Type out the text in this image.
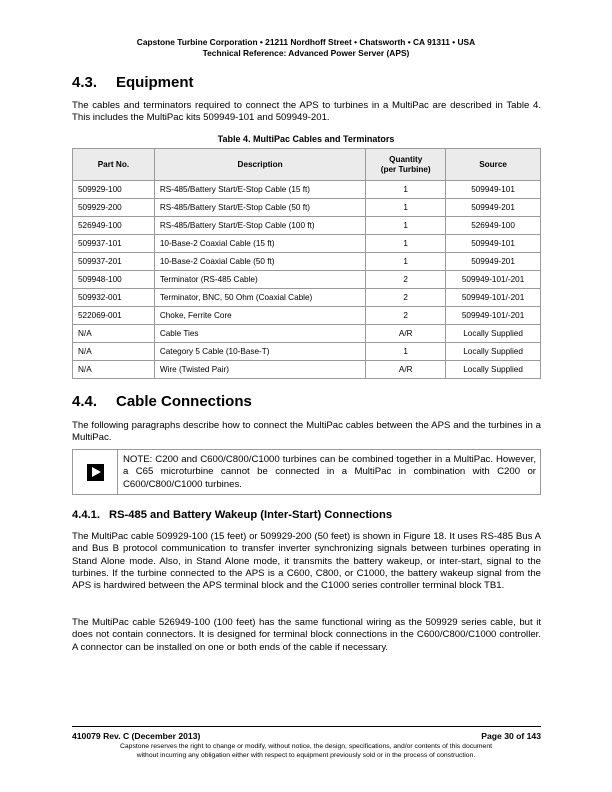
Capstone Turbine Corporation • 21211 Nordhoff Street • Chatsworth • CA 91311 • USA
Technical Reference: Advanced Power Server (APS)
4.3. Equipment

The cables and terminators required to connect the APS to turbines in a MultiPac are described in Table 4. This includes the MultiPac kits 509949-101 and 509949-201.

Table 4. MultiPac Cables and Terminators
Part No.	Description	Quantity
(per Turbine)	Source
509929-100	RS-485/Battery Start/E-Stop Cable (15 ft)	1	509949-101
509929-200	RS-485/Battery Start/E-Stop Cable (50 ft)	1	509949-201
526949-100	RS-485/Battery Start/E-Stop Cable (100 ft)	1	526949-100
509937-101	10-Base-2 Coaxial Cable (15 ft)	1	509949-101
509937-201	10-Base-2 Coaxial Cable (50 ft)	1	509949-201
509948-100	Terminator (RS-485 Cable)	2	509949-101/-201
509932-001	Terminator, BNC, 50 Ohm (Coaxial Cable)	2	509949-101/-201
522069-001	Choke, Ferrite Core	2	509949-101/-201
N/A	Cable Ties	A/R	Locally Supplied
N/A	Category 5 Cable (10-Base-T)	1	Locally Supplied
N/A	Wire (Twisted Pair)	A/R	Locally Supplied
4.4. Cable Connections

The following paragraphs describe how to connect the MultiPac cables between the APS and the turbines in a MultiPac.

NOTE: C200 and C600/C800/C1000 turbines can be combined together in a MultiPac. However, a C65 microturbine cannot be connected in a MultiPac in combination with C200 or C600/C800/C1000 turbines.
4.4.1. RS-485 and Battery Wakeup (Inter-Start) Connections

The MultiPac cable 509929-100 (15 feet) or 509929-200 (50 feet) is shown in Figure 18. It uses RS-485 Bus A and Bus B protocol communication to transfer inverter synchronizing signals between turbines operating in Stand Alone mode. Also, in Stand Alone mode, it transmits the battery wakeup, or inter-start, signal to the turbines. If the turbine connected to the APS is a C600, C800, or C1000, the battery wakeup signal from the APS is hardwired between the APS terminal block and the C1000 series controller terminal block TB1.

The MultiPac cable 526949-100 (100 feet) has the same functional wiring as the 509929 series cable, but it does not contain connectors. It is designed for terminal block connections in the C600/C800/C1000 controller. A connector can be installed on one or both ends of the cable if necessary.

410079 Rev. C (December 2013)	Page 30 of 143
Capstone reserves the right to change or modify, without notice, the design, specifications, and/or contents of this document
without incurring any obligation either with respect to equipment previously sold or in the process of construction.
